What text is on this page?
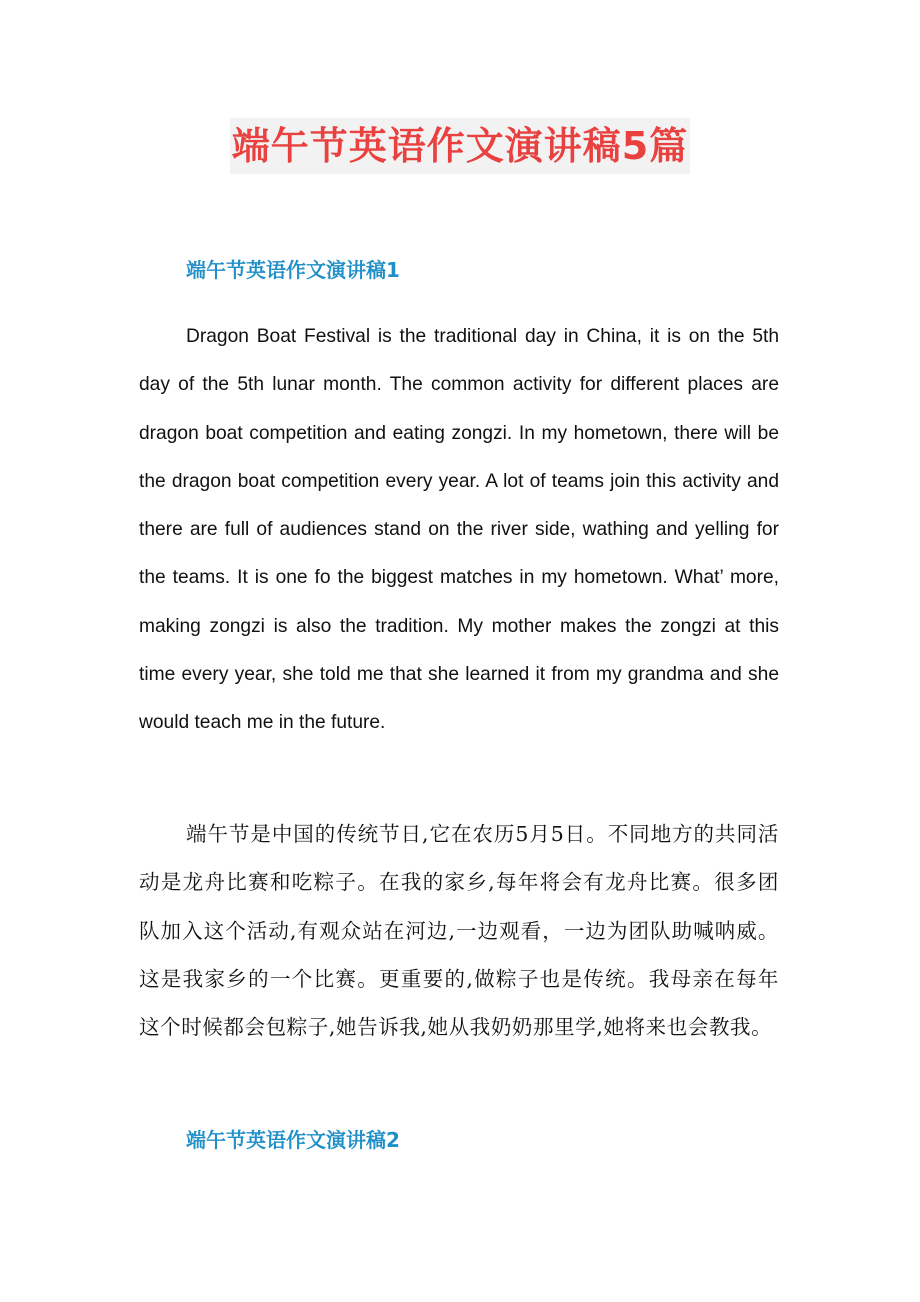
端午节英语作文演讲稿5篇
端午节英语作文演讲稿1

Dragon Boat Festival is the traditional day in China, it is on the 5th day of the 5th lunar month. The common activity for different places are dragon boat competition and eating zongzi. In my hometown, there will be the dragon boat competition every year. A lot of teams join this activity and there are full of audiences stand on the river side, wathing and yelling for the teams. It is one fo the biggest matches in my hometown. What’ more, making zongzi is also the tradition. My mother makes the zongzi at this time every year, she told me that she learned it from my grandma and she would teach me in the future.

端午节是中国的传统节日,它在农历5月5日。不同地方的共同活动是龙舟比赛和吃粽子。在我的家乡,每年将会有龙舟比赛。很多团队加入这个活动,有观众站在河边,一边观看，一边为团队助喊呐威。这是我家乡的一个比赛。更重要的,做粽子也是传统。我母亲在每年这个时候都会包粽子,她告诉我,她从我奶奶那里学,她将来也会教我。

端午节英语作文演讲稿2
